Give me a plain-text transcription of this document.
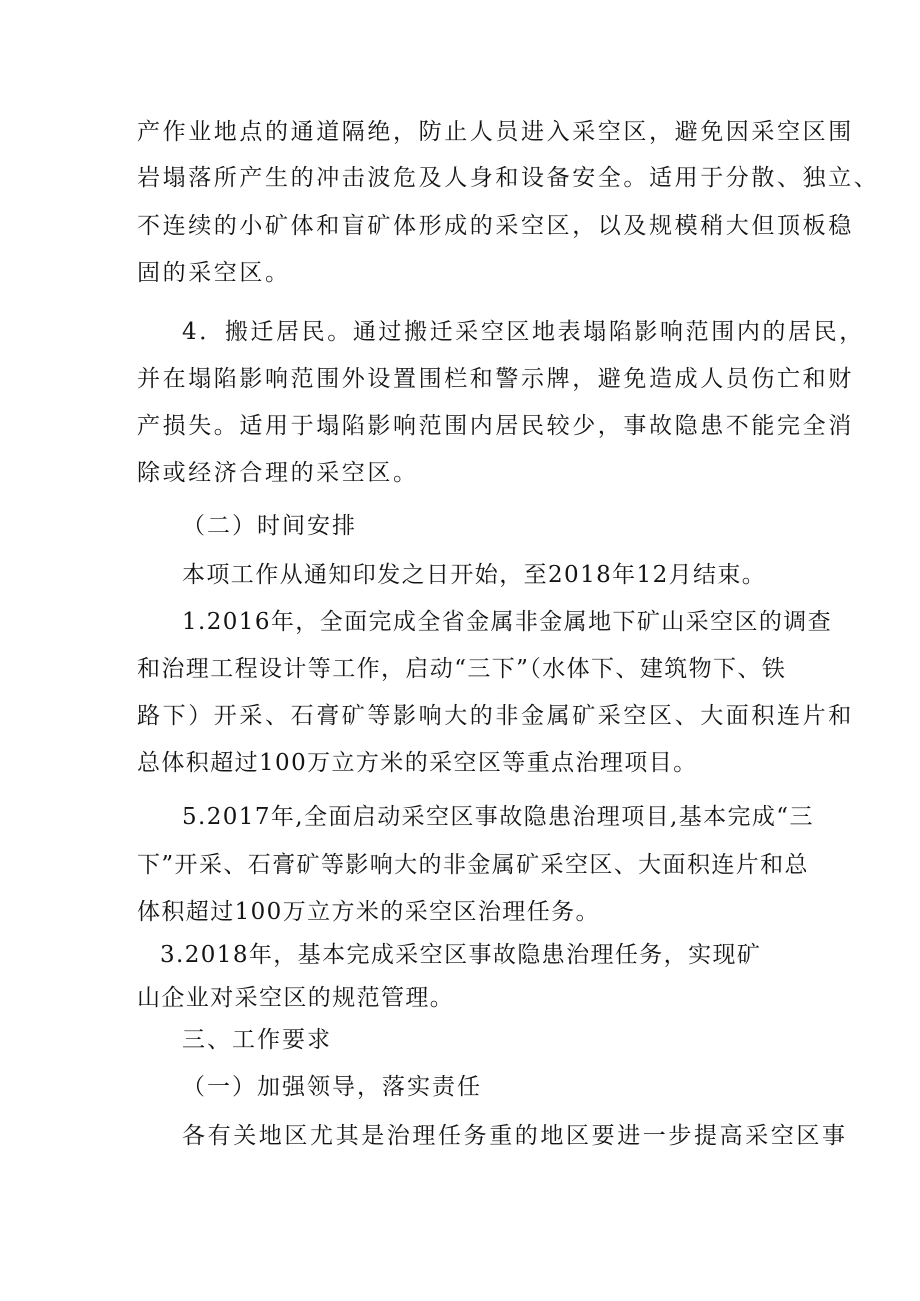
产作业地点的通道隔绝，防止人员进入采空区，避免因采空区围

岩塌落所产生的冲击波危及人身和设备安全。适用于分散、独立、

不连续的小矿体和盲矿体形成的采空区，以及规模稍大但顶板稳

固的采空区。

4．搬迁居民。通过搬迁采空区地表塌陷影响范围内的居民，

并在塌陷影响范围外设置围栏和警示牌，避免造成人员伤亡和财

产损失。适用于塌陷影响范围内居民较少，事故隐患不能完全消

除或经济合理的采空区。

（二）时间安排

本项工作从通知印发之日开始，至2018年12月结束。

1.2016年，全面完成全省金属非金属地下矿山采空区的调查

和治理工程设计等工作，启动“三下”（水体下、建筑物下、铁

路下）开采、石膏矿等影响大的非金属矿采空区、大面积连片和

总体积超过100万立方米的采空区等重点治理项目。

5.2017年,全面启动采空区事故隐患治理项目,基本完成“三

下”开采、石膏矿等影响大的非金属矿采空区、大面积连片和总

体积超过100万立方米的采空区治理任务。

3.2018年，基本完成采空区事故隐患治理任务，实现矿

山企业对采空区的规范管理。

三、工作要求

（一）加强领导，落实责任

各有关地区尤其是治理任务重的地区要进一步提高采空区事
